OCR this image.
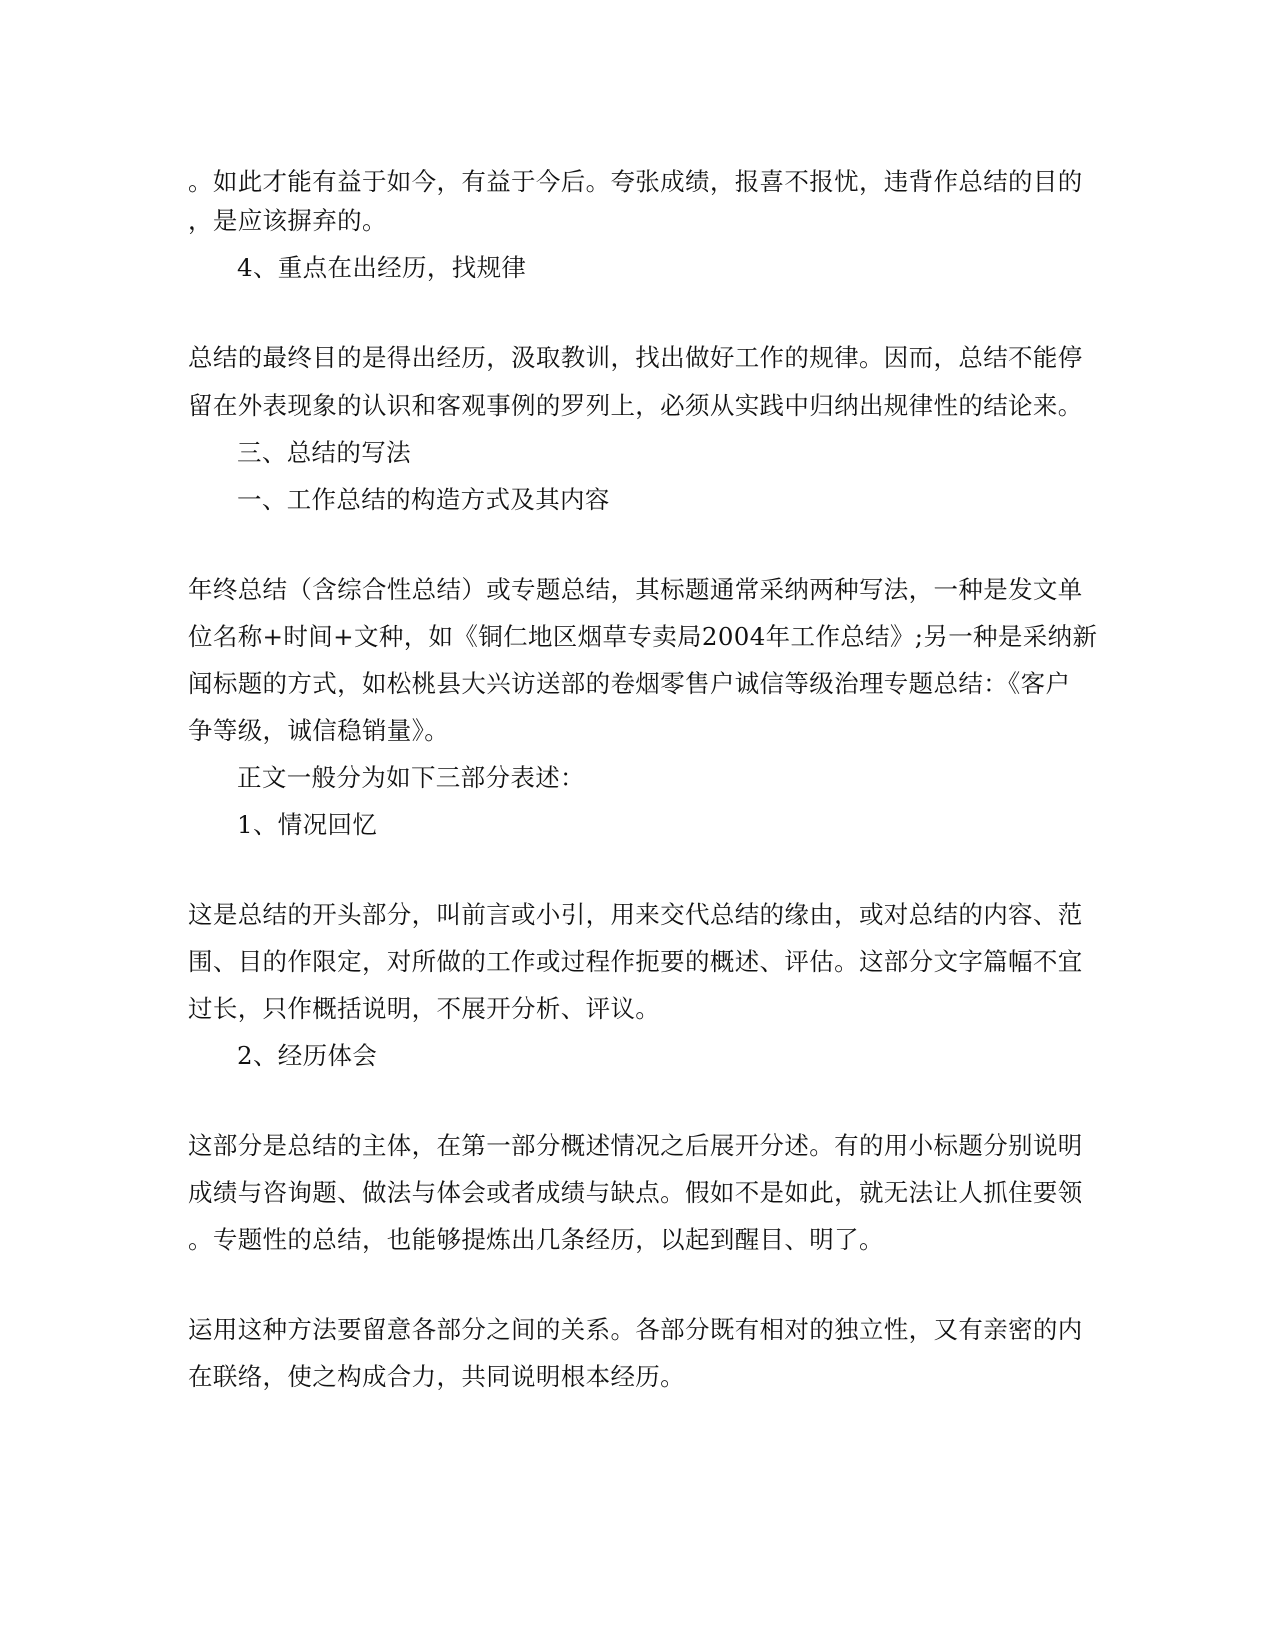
。如此才能有益于如今，有益于今后。夸张成绩，报喜不报忧，违背作总结的目的
，是应该摒弃的。
4、重点在出经历，找规律
总结的最终目的是得出经历，汲取教训，找出做好工作的规律。因而，总结不能停
留在外表现象的认识和客观事例的罗列上，必须从实践中归纳出规律性的结论来。
三、总结的写法
一、工作总结的构造方式及其内容
年终总结（含综合性总结）或专题总结，其标题通常采纳两种写法，一种是发文单
位名称+时间+文种，如《铜仁地区烟草专卖局2004年工作总结》;另一种是采纳新
闻标题的方式，如松桃县大兴访送部的卷烟零售户诚信等级治理专题总结：《客户
争等级，诚信稳销量》。
正文一般分为如下三部分表述：
1、情况回忆
这是总结的开头部分，叫前言或小引，用来交代总结的缘由，或对总结的内容、范
围、目的作限定，对所做的工作或过程作扼要的概述、评估。这部分文字篇幅不宜
过长，只作概括说明，不展开分析、评议。
2、经历体会
这部分是总结的主体，在第一部分概述情况之后展开分述。有的用小标题分别说明
成绩与咨询题、做法与体会或者成绩与缺点。假如不是如此，就无法让人抓住要领
。专题性的总结，也能够提炼出几条经历，以起到醒目、明了。
运用这种方法要留意各部分之间的关系。各部分既有相对的独立性，又有亲密的内
在联络，使之构成合力，共同说明根本经历。
